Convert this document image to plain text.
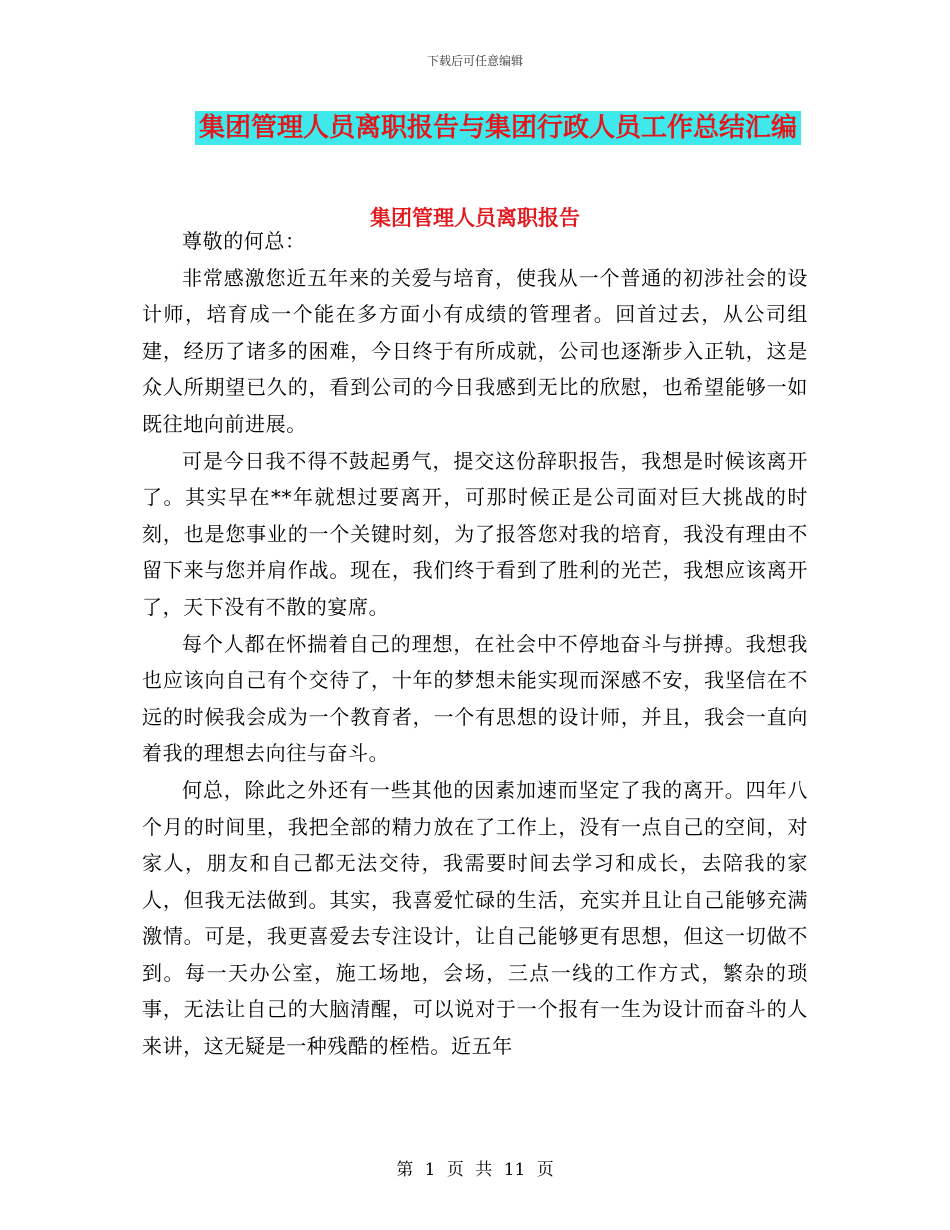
下载后可任意编辑
集团管理人员离职报告与集团行政人员工作总结汇编
集团管理人员离职报告

尊敬的何总：

非常感激您近五年来的关爱与培育，使我从一个普通的初涉社会的设计师，培育成一个能在多方面小有成绩的管理者。回首过去，从公司组建，经历了诸多的困难，今日终于有所成就，公司也逐渐步入正轨，这是众人所期望已久的，看到公司的今日我感到无比的欣慰，也希望能够一如既往地向前进展。

可是今日我不得不鼓起勇气，提交这份辞职报告，我想是时候该离开了。其实早在**年就想过要离开，可那时候正是公司面对巨大挑战的时刻，也是您事业的一个关键时刻，为了报答您对我的培育，我没有理由不留下来与您并肩作战。现在，我们终于看到了胜利的光芒，我想应该离开了，天下没有不散的宴席。

每个人都在怀揣着自己的理想，在社会中不停地奋斗与拼搏。我想我也应该向自己有个交待了，十年的梦想未能实现而深感不安，我坚信在不远的时候我会成为一个教育者，一个有思想的设计师，并且，我会一直向着我的理想去向往与奋斗。

何总，除此之外还有一些其他的因素加速而坚定了我的离开。四年八个月的时间里，我把全部的精力放在了工作上，没有一点自己的空间，对家人，朋友和自己都无法交待，我需要时间去学习和成长，去陪我的家人，但我无法做到。其实，我喜爱忙碌的生活，充实并且让自己能够充满激情。可是，我更喜爱去专注设计，让自己能够更有思想，但这一切做不到。每一天办公室，施工场地，会场，三点一线的工作方式，繁杂的琐事，无法让自己的大脑清醒，可以说对于一个报有一生为设计而奋斗的人来讲，这无疑是一种残酷的桎梏。近五年

第 1 页 共 11 页
